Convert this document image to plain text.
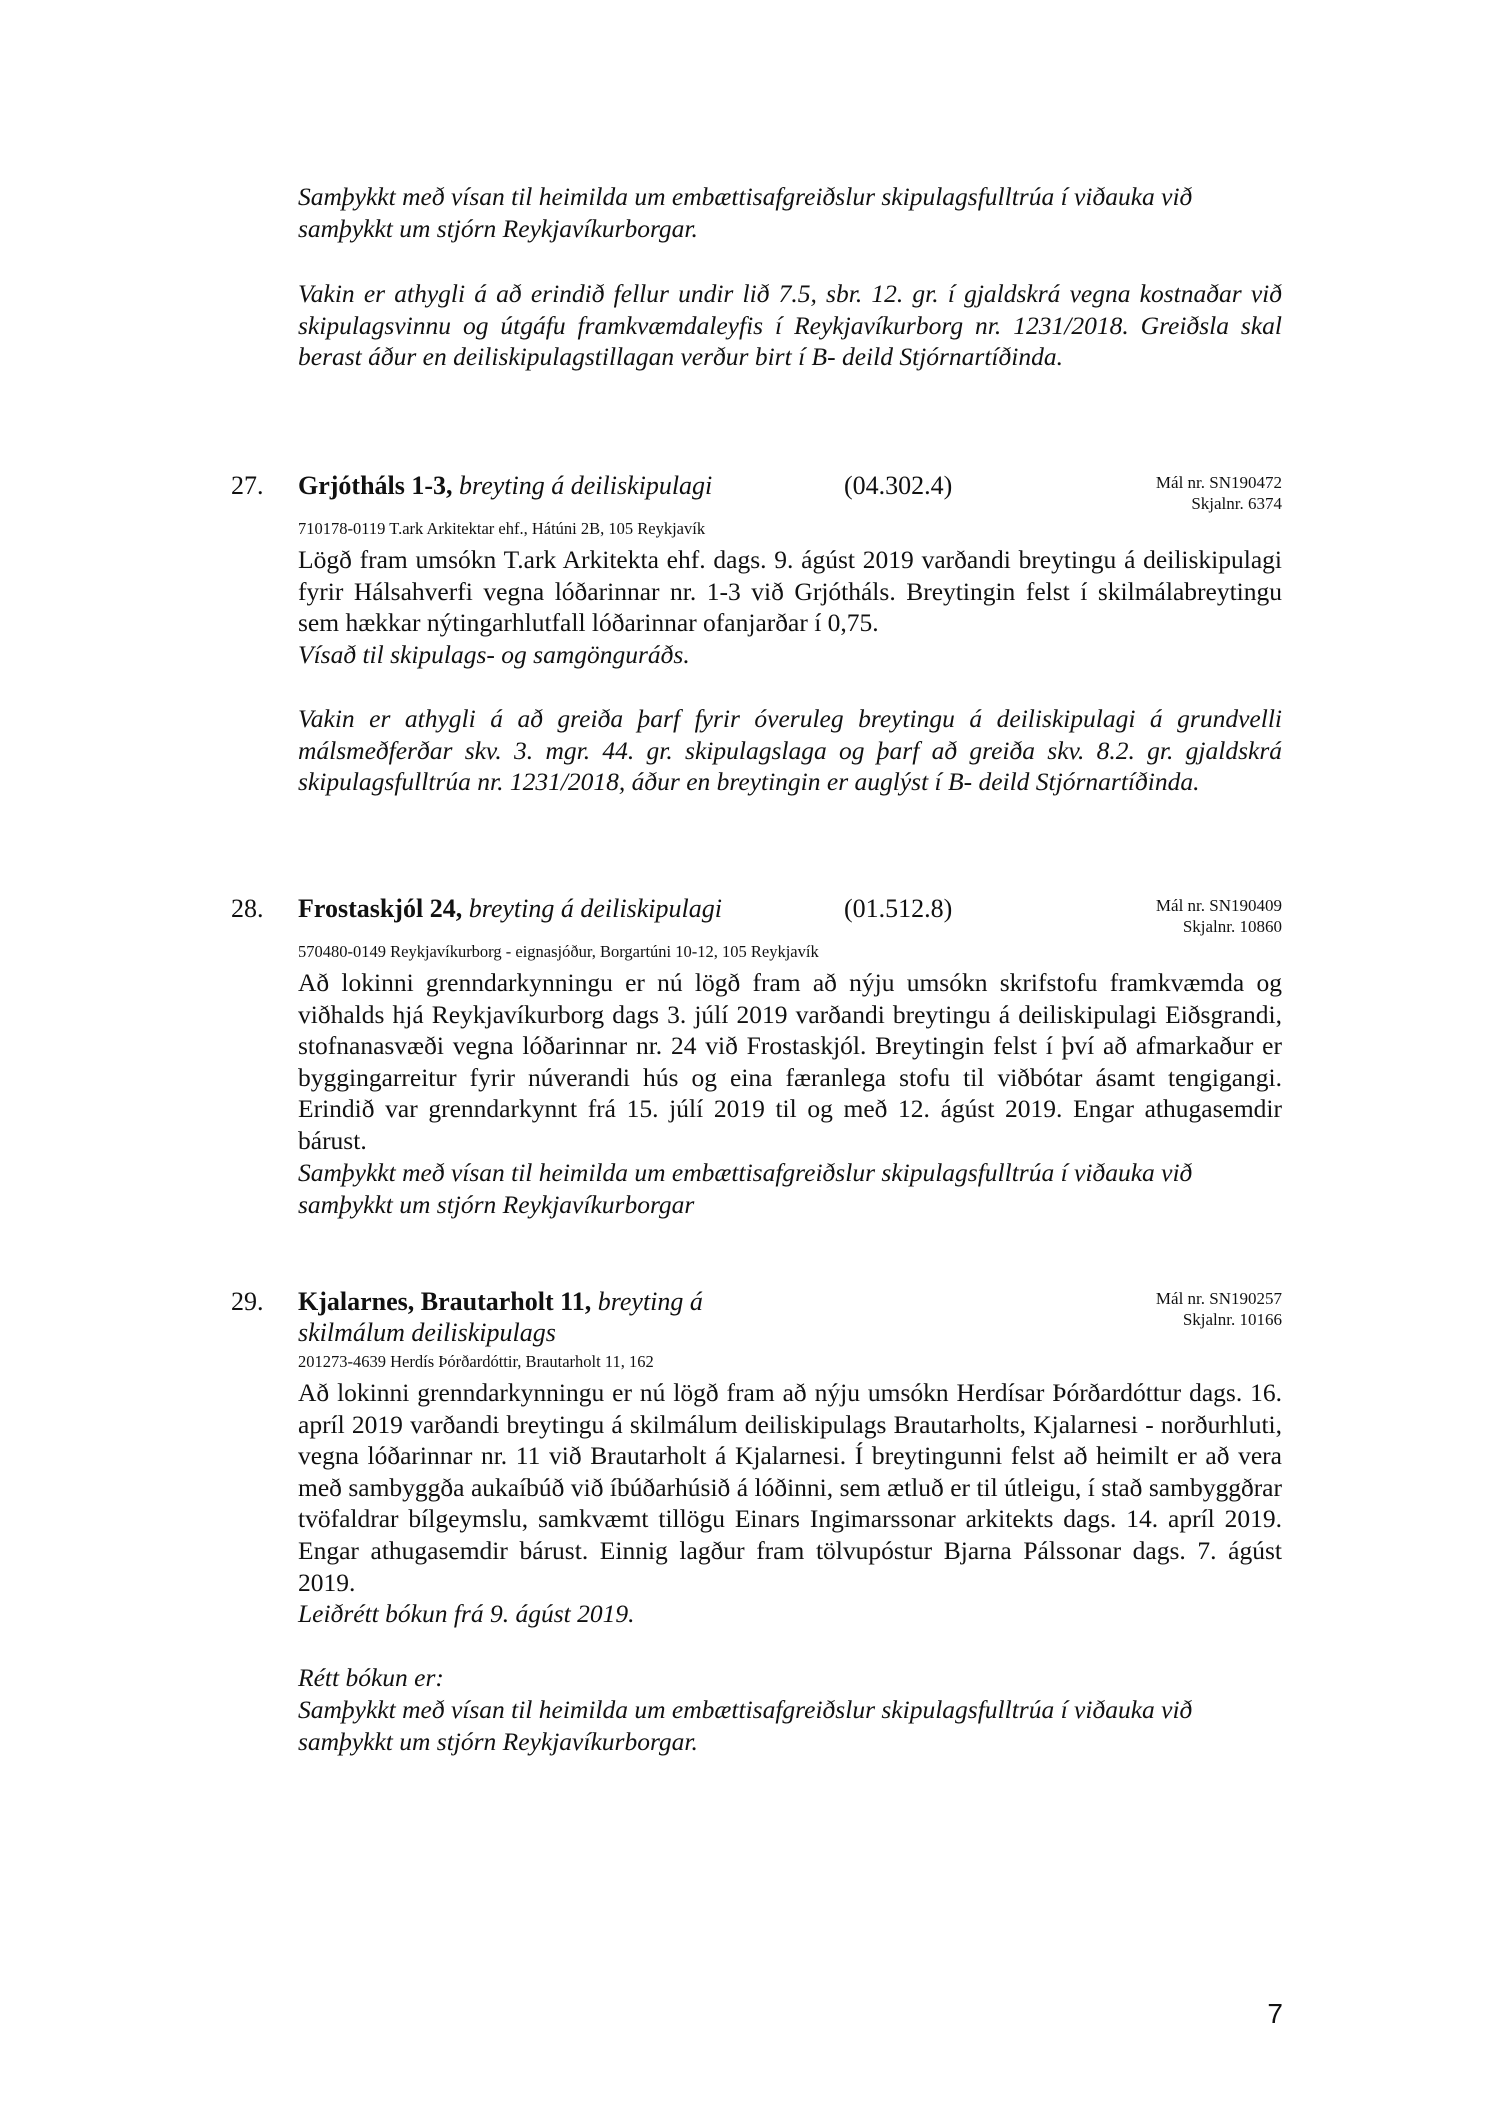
Samþykkt með vísan til heimilda um embættisafgreiðslur skipulagsfulltrúa í viðauka við samþykkt um stjórn Reykjavíkurborgar.
Vakin er athygli á að erindið fellur undir lið 7.5, sbr. 12. gr. í gjaldskrá vegna kostnaðar við skipulagsvinnu og útgáfu framkvæmdaleyfis í Reykjavíkurborg nr. 1231/2018. Greiðsla skal berast áður en deiliskipulagstillagan verður birt í B- deild Stjórnartíðinda.
27. Grjótháls 1-3, breyting á deiliskipulagi	(04.302.4)	Mál nr. SN190472
Skjalnr. 6374
710178-0119 T.ark Arkitektar ehf., Hátúni 2B, 105 Reykjavík
Lögð fram umsókn T.ark Arkitekta ehf. dags. 9. ágúst 2019 varðandi breytingu á deiliskipulagi fyrir Hálsahverfi vegna lóðarinnar nr. 1-3 við Grjótháls. Breytingin felst í skilmálabreytingu sem hækkar nýtingarhlutfall lóðarinnar ofanjarðar í 0,75.
Vísað til skipulags- og samgönguráðs.
Vakin er athygli á að greiða þarf fyrir óveruleg breytingu á deiliskipulagi á grundvelli málsmeðferðar skv. 3. mgr. 44. gr. skipulagslaga og þarf að greiða skv. 8.2. gr. gjaldskrá skipulagsfulltrúa nr. 1231/2018, áður en breytingin er auglýst í B- deild Stjórnartíðinda.
28. Frostaskjól 24, breyting á deiliskipulagi	(01.512.8)	Mál nr. SN190409
Skjalnr. 10860
570480-0149 Reykjavíkurborg - eignasjóður, Borgartúni 10-12, 105 Reykjavík
Að lokinni grenndarkynningu er nú lögð fram að nýju umsókn skrifstofu framkvæmda og viðhalds hjá Reykjavíkurborg dags 3. júlí 2019 varðandi breytingu á deiliskipulagi Eiðsgrandi, stofnanasvæði vegna lóðarinnar nr. 24 við Frostaskjól. Breytingin felst í því að afmarkaður er byggingarreitur fyrir núverandi hús og eina færanlega stofu til viðbótar ásamt tengigangi. Erindið var grenndarkynnt frá 15. júlí 2019 til og með 12. ágúst 2019. Engar athugasemdir bárust.
Samþykkt með vísan til heimilda um embættisafgreiðslur skipulagsfulltrúa í viðauka við samþykkt um stjórn Reykjavíkurborgar
29. Kjalarnes, Brautarholt 11, breyting á
skilmálum deiliskipulags
Mál nr. SN190257
Skjalnr. 10166
201273-4639 Herdís Þórðardóttir, Brautarholt 11, 162
Að lokinni grenndarkynningu er nú lögð fram að nýju umsókn Herdísar Þórðardóttur dags. 16. apríl 2019 varðandi breytingu á skilmálum deiliskipulags Brautarholts, Kjalarnesi - norðurhluti, vegna lóðarinnar nr. 11 við Brautarholt á Kjalarnesi. Í breytingunni felst að heimilt er að vera með sambyggða aukaíbúð við íbúðarhúsið á lóðinni, sem ætluð er til útleigu, í stað sambyggðrar tvöfaldrar bílgeymslu, samkvæmt tillögu Einars Ingimarssonar arkitekts dags. 14. apríl 2019. Engar athugasemdir bárust. Einnig lagður fram tölvupóstur Bjarna Pálssonar dags. 7. ágúst 2019.
Leiðrétt bókun frá 9. ágúst 2019.
Rétt bókun er:
Samþykkt með vísan til heimilda um embættisafgreiðslur skipulagsfulltrúa í viðauka við samþykkt um stjórn Reykjavíkurborgar.
7
